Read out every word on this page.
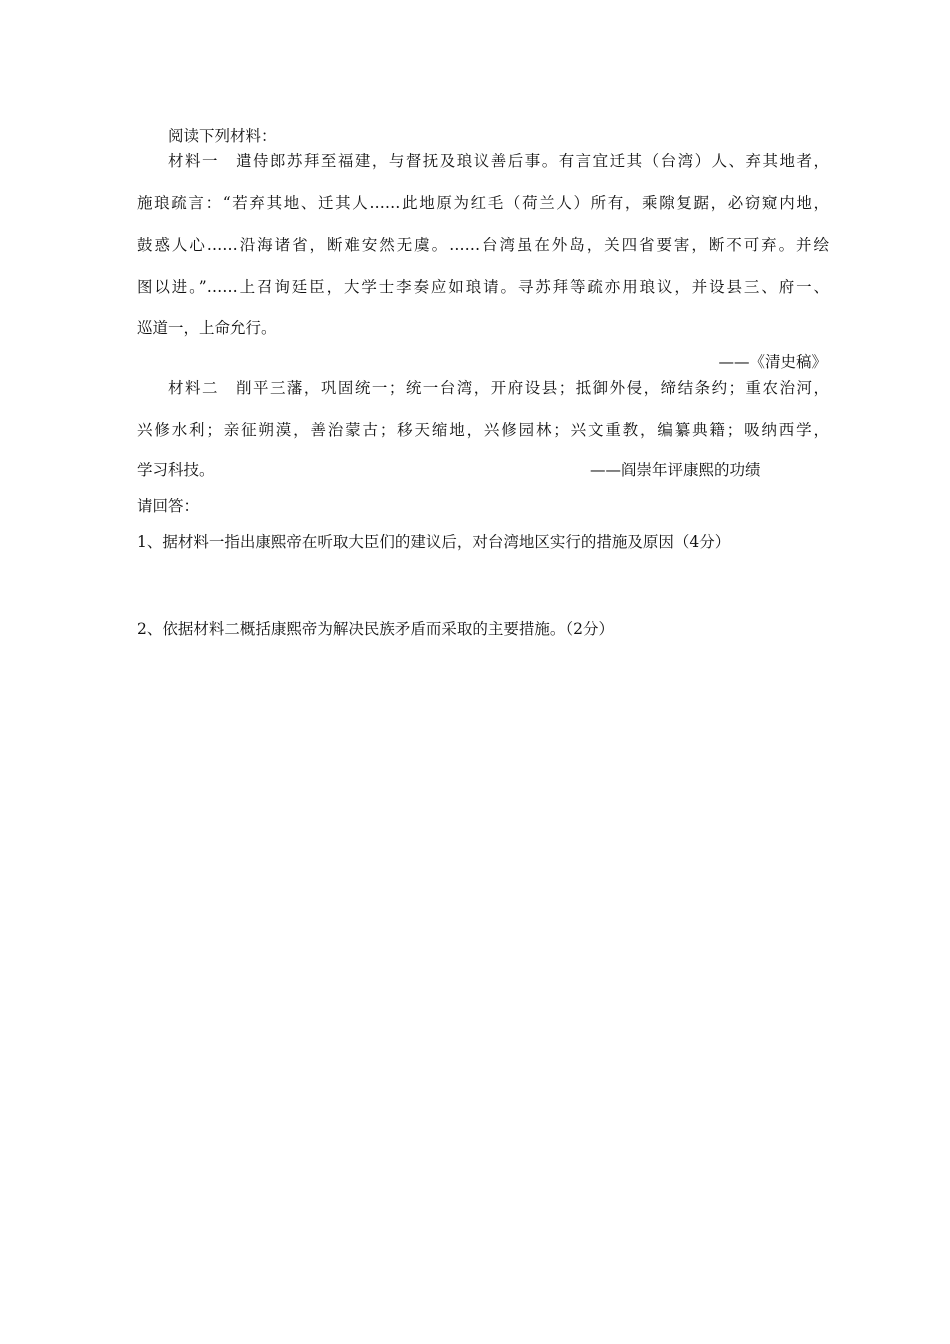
阅读下列材料：
材料一 遣侍郎苏拜至福建，与督抚及琅议善后事。有言宜迁其（台湾）人、弃其地者，
施琅疏言：“若弃其地、迁其人……此地原为红毛（荷兰人）所有，乘隙复踞，必窃窥内地，
鼓惑人心……沿海诸省，断难安然无虞。……台湾虽在外岛，关四省要害，断不可弃。并绘
图以进。”……上召询廷臣，大学士李奏应如琅请。寻苏拜等疏亦用琅议，并设县三、府一、
巡道一，上命允行。
——《清史稿》
材料二 削平三藩，巩固统一；统一台湾，开府设县；抵御外侵，缔结条约；重农治河，
兴修水利；亲征朔漠，善治蒙古；移天缩地，兴修园林；兴文重教，编纂典籍；吸纳西学，
学习科技。	——阎崇年评康熙的功绩
请回答：
1、据材料一指出康熙帝在听取大臣们的建议后，对台湾地区实行的措施及原因（4分）
2、依据材料二概括康熙帝为解决民族矛盾而采取的主要措施。（2分）
